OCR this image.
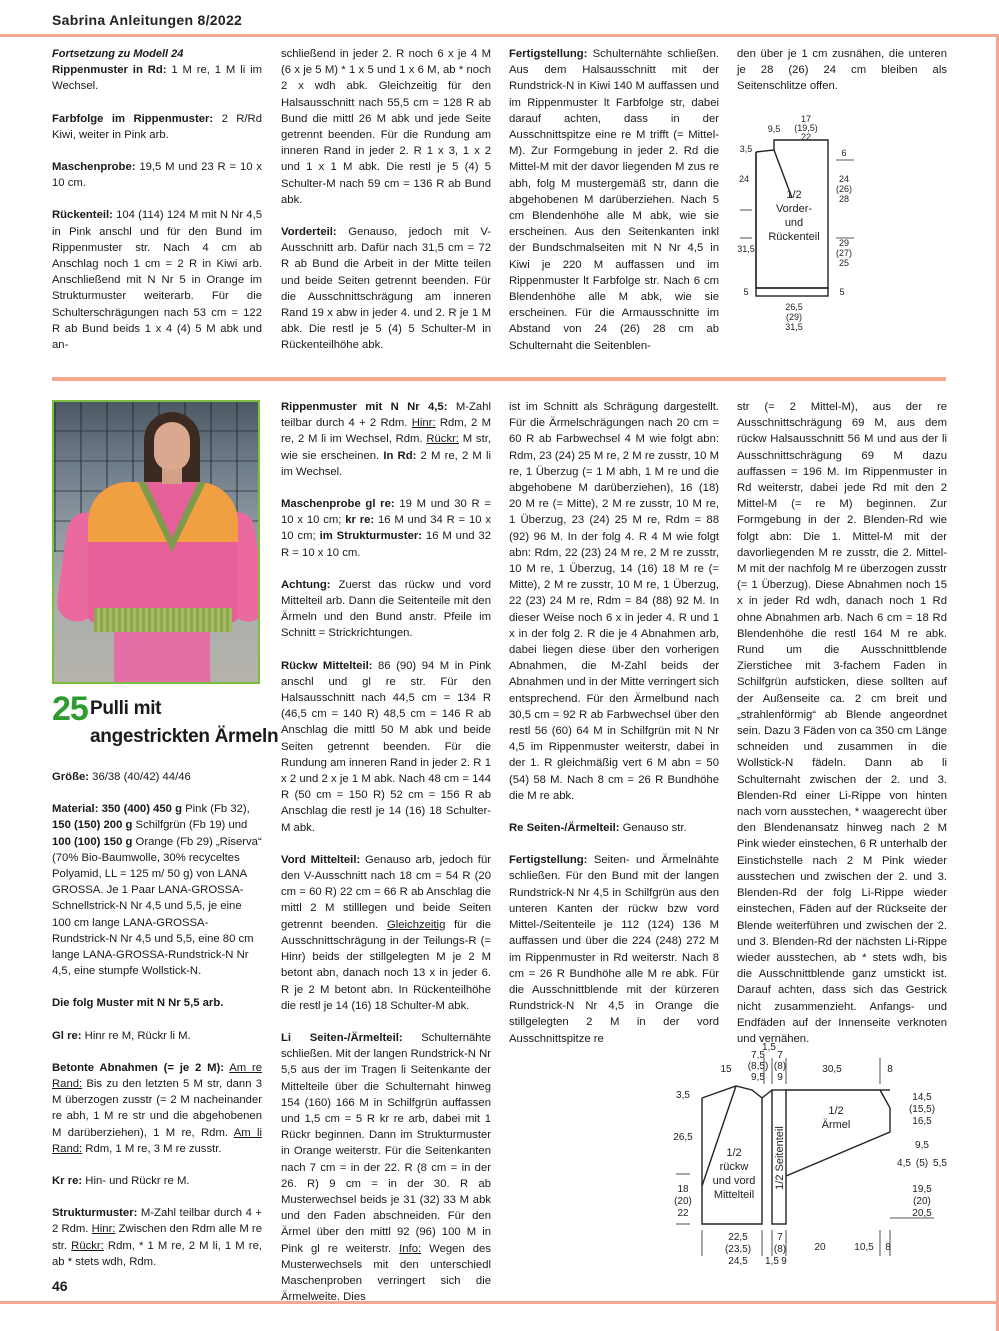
Sabrina Anleitungen 8/2022

Fortsetzung zu Modell 24

Rippenmuster in Rd: 1 M re, 1 M li im Wechsel.

Farbfolge im Rippenmuster: 2 R/Rd Kiwi, weiter in Pink arb.

Maschenprobe: 19,5 M und 23 R = 10 x 10 cm.

Rückenteil: 104 (114) 124 M mit N Nr 4,5 in Pink anschl und für den Bund im Rippenmuster str. Nach 4 cm ab Anschlag noch 1 cm = 2 R in Kiwi arb. Anschließend mit N Nr 5 in Orange im Strukturmuster weiterarb. Für die Schulterschrägungen nach 53 cm = 122 R ab Bund beids 1 x 4 (4) 5 M abk und an-

schließend in jeder 2. R noch 6 x je 4 M (6 x je 5 M) * 1 x 5 und 1 x 6 M, ab * noch 2 x wdh abk. Gleichzeitig für den Halsausschnitt nach 55,5 cm = 128 R ab Bund die mittl 26 M abk und jede Seite getrennt beenden. Für die Rundung am inneren Rand in jeder 2. R 1 x 3, 1 x 2 und 1 x 1 M abk. Die restl je 5 (4) 5 Schulter-M nach 59 cm = 136 R ab Bund abk.

Vorderteil: Genauso, jedoch mit V-Ausschnitt arb. Dafür nach 31,5 cm = 72 R ab Bund die Arbeit in der Mitte teilen und beide Seiten getrennt beenden. Für die Ausschnittschrägung am inneren Rand 19 x abw in jeder 4. und 2. R je 1 M abk. Die restl je 5 (4) 5 Schulter-M in Rückenteilhöhe abk.

Fertigstellung: Schulternähte schließen. Aus dem Halsausschnitt mit der Rundstrick-N in Kiwi 140 M auffassen und im Rippenmuster lt Farbfolge str, dabei darauf achten, dass in der Ausschnittspitze eine re M trifft (= Mittel-M). Zur Formgebung in jeder 2. Rd die Mittel-M mit der davor liegenden M zus re abh, folg M mustergemäß str, dann die abgehobenen M darüberziehen. Nach 5 cm Blendenhöhe alle M abk, wie sie erscheinen. Aus den Seitenkanten inkl der Bundschmalseiten mit N Nr 4,5 in Kiwi je 220 M auffassen und im Rippenmuster lt Farbfolge str. Nach 6 cm Blendenhöhe alle M abk, wie sie erscheinen. Für die Armausschnitte im Abstand von 24 (26) 28 cm ab Schulternaht die Seitenblen-

den über je 1 cm zusnähen, die unteren je 28 (26) 24 cm bleiben als Seitenschlitze offen.

17
(19,5)
22
9,5
3,5	6
24	24
(26)
28
31,5
29
(27)
25
5	5
26,5
(29)
31,5
1/2
Vorder-
und
Rückenteil
25 Pulli mit
angestrickten Ärmeln

Größe: 36/38 (40/42) 44/46

Material: 350 (400) 450 g Pink (Fb 32), 150 (150) 200 g Schilfgrün (Fb 19) und 100 (100) 150 g Orange (Fb 29) „Riserva“ (70% Bio-Baumwolle, 30% recyceltes Polyamid, LL = 125 m/ 50 g) von LANA GROSSA. Je 1 Paar LANA-GROSSA-Schnellstrick-N Nr 4,5 und 5,5, je eine 100 cm lange LANA-GROSSA-Rundstrick-N Nr 4,5 und 5,5, eine 80 cm lange LANA-GROSSA-Rundstrick-N Nr 4,5, eine stumpfe Wollstick-N.

Die folg Muster mit N Nr 5,5 arb.

Gl re: Hinr re M, Rückr li M.

Betonte Abnahmen (= je 2 M): Am re Rand: Bis zu den letzten 5 M str, dann 3 M überzogen zusstr (= 2 M nacheinander re abh, 1 M re str und die abgehobenen M darüberziehen), 1 M re, Rdm. Am li Rand: Rdm, 1 M re, 3 M re zusstr.

Kr re: Hin- und Rückr re M.

Strukturmuster: M-Zahl teilbar durch 4 + 2 Rdm. Hinr: Zwischen den Rdm alle M re str. Rückr: Rdm, * 1 M re, 2 M li, 1 M re, ab * stets wdh, Rdm.

Rippenmuster mit N Nr 4,5: M-Zahl teilbar durch 4 + 2 Rdm. Hinr: Rdm, 2 M re, 2 M li im Wechsel, Rdm. Rückr: M str, wie sie erscheinen. In Rd: 2 M re, 2 M li im Wechsel.

Maschenprobe gl re: 19 M und 30 R = 10 x 10 cm; kr re: 16 M und 34 R = 10 x 10 cm; im Strukturmuster: 16 M und 32 R = 10 x 10 cm.

Achtung: Zuerst das rückw und vord Mittelteil arb. Dann die Seitenteile mit den Ärmeln und den Bund anstr. Pfeile im Schnitt = Strickrichtungen.

Rückw Mittelteil: 86 (90) 94 M in Pink anschl und gl re str. Für den Halsausschnitt nach 44,5 cm = 134 R (46,5 cm = 140 R) 48,5 cm = 146 R ab Anschlag die mittl 50 M abk und beide Seiten getrennt beenden. Für die Rundung am inneren Rand in jeder 2. R 1 x 2 und 2 x je 1 M abk. Nach 48 cm = 144 R (50 cm = 150 R) 52 cm = 156 R ab Anschlag die restl je 14 (16) 18 Schulter-M abk.

Vord Mittelteil: Genauso arb, jedoch für den V-Ausschnitt nach 18 cm = 54 R (20 cm = 60 R) 22 cm = 66 R ab Anschlag die mittl 2 M stilllegen und beide Seiten getrennt beenden. Gleichzeitig für die Ausschnittschrägung in der Teilungs-R (= Hinr) beids der stillgelegten M je 2 M betont abn, danach noch 13 x in jeder 6. R je 2 M betont abn. In Rückenteilhöhe die restl je 14 (16) 18 Schulter-M abk.

Li Seiten-/Ärmelteil: Schulternähte schließen. Mit der langen Rundstrick-N Nr 5,5 aus der im Tragen li Seitenkante der Mittelteile über die Schulternaht hinweg 154 (160) 166 M in Schilfgrün auffassen und 1,5 cm = 5 R kr re arb, dabei mit 1 Rückr beginnen. Dann im Strukturmuster in Orange weiterstr. Für die Seitenkanten nach 7 cm = in der 22. R (8 cm = in der 26. R) 9 cm = in der 30. R ab Musterwechsel beids je 31 (32) 33 M abk und den Faden abschneiden. Für den Ärmel über den mittl 92 (96) 100 M in Pink gl re weiterstr. Info: Wegen des Musterwechsels mit den unterschiedl Maschenproben verringert sich die Ärmelweite. Dies

ist im Schnitt als Schrägung dargestellt. Für die Ärmelschrägungen nach 20 cm = 60 R ab Farbwechsel 4 M wie folgt abn: Rdm, 23 (24) 25 M re, 2 M re zusstr, 10 M re, 1 Überzug (= 1 M abh, 1 M re und die abgehobene M darüberziehen), 16 (18) 20 M re (= Mitte), 2 M re zusstr, 10 M re, 1 Überzug, 23 (24) 25 M re, Rdm = 88 (92) 96 M. In der folg 4. R 4 M wie folgt abn: Rdm, 22 (23) 24 M re, 2 M re zusstr, 10 M re, 1 Überzug, 14 (16) 18 M re (= Mitte), 2 M re zusstr, 10 M re, 1 Überzug, 22 (23) 24 M re, Rdm = 84 (88) 92 M. In dieser Weise noch 6 x in jeder 4. R und 1 x in der folg 2. R die je 4 Abnahmen arb, dabei liegen diese über den vorherigen Abnahmen, die M-Zahl beids der Abnahmen und in der Mitte verringert sich entsprechend. Für den Ärmelbund nach 30,5 cm = 92 R ab Farbwechsel über den restl 56 (60) 64 M in Schilfgrün mit N Nr 4,5 im Rippenmuster weiterstr, dabei in der 1. R gleichmäßig vert 6 M abn = 50 (54) 58 M. Nach 8 cm = 26 R Bundhöhe die M re abk.

Re Seiten-/Ärmelteil: Genauso str.

Fertigstellung: Seiten- und Ärmelnähte schließen. Für den Bund mit der langen Rundstrick-N Nr 4,5 in Schilfgrün aus den unteren Kanten der rückw bzw vord Mittel-/Seitenteile je 112 (124) 136 M auffassen und über die 224 (248) 272 M im Rippenmuster in Rd weiterstr. Nach 8 cm = 26 R Bundhöhe alle M re abk. Für die Ausschnittblende mit der kürzeren Rundstrick-N Nr 4,5 in Orange die stillgelegten 2 M in der vord Ausschnittspitze re

str (= 2 Mittel-M), aus der re Ausschnittschrägung 69 M, aus dem rückw Halsausschnitt 56 M und aus der li Ausschnittschrägung 69 M dazu auffassen = 196 M. Im Rippenmuster in Rd weiterstr, dabei jede Rd mit den 2 Mittel-M (= re M) beginnen. Zur Formgebung in der 2. Blenden-Rd wie folgt abn: Die 1. Mittel-M mit der davorliegenden M re zusstr, die 2. Mittel-M mit der nachfolg M re überzogen zusstr (= 1 Überzug). Diese Abnahmen noch 15 x in jeder Rd wdh, danach noch 1 Rd ohne Abnahmen arb. Nach 6 cm = 18 Rd Blendenhöhe die restl 164 M re abk. Rund um die Ausschnittblende Ziersticheе mit 3-fachem Faden in Schilfgrün aufsticken, diese sollten auf der Außenseite ca. 2 cm breit und „strahlenförmig“ ab Blende angeordnet sein. Dazu 3 Fäden von ca 350 cm Länge schneiden und zusammen in die Wollstick-N fädeln. Dann ab li Schulternaht zwischen der 2. und 3. Blenden-Rd einer Li-Rippe von hinten nach vorn ausstechen, * waagerecht über den Blendenansatz hinweg nach 2 M Pink wieder einstechen, 6 R unterhalb der Einstichstelle nach 2 M Pink wieder ausstechen und zwischen der 2. und 3. Blenden-Rd der folg Li-Rippe wieder einstechen, Fäden auf der Rückseite der Blende weiterführen und zwischen der 2. und 3. Blenden-Rd der nächsten Li-Rippe wieder ausstechen, ab * stets wdh, bis die Ausschnittblende ganz umstickt ist. Darauf achten, dass sich das Gestrick nicht zusammenzieht. Anfangs- und Endfäden auf der Innenseite verknoten und vernähen.

15
7,5
(8,5)
9,5
1,5
7
(8)
9
30,5	8
3,5
26,5
18
(20)
22
14,5
(15,5)
16,5
9,5
4,5 (5) 5,5
19,5
(20)
20,5
22,5
(23,5)
24,5
7
(8)
1,5 9
20	10,5 8
1/2
rückw
und vord
Mittelteil
1/2
Ärmel
1/2 Seitenteil
46
